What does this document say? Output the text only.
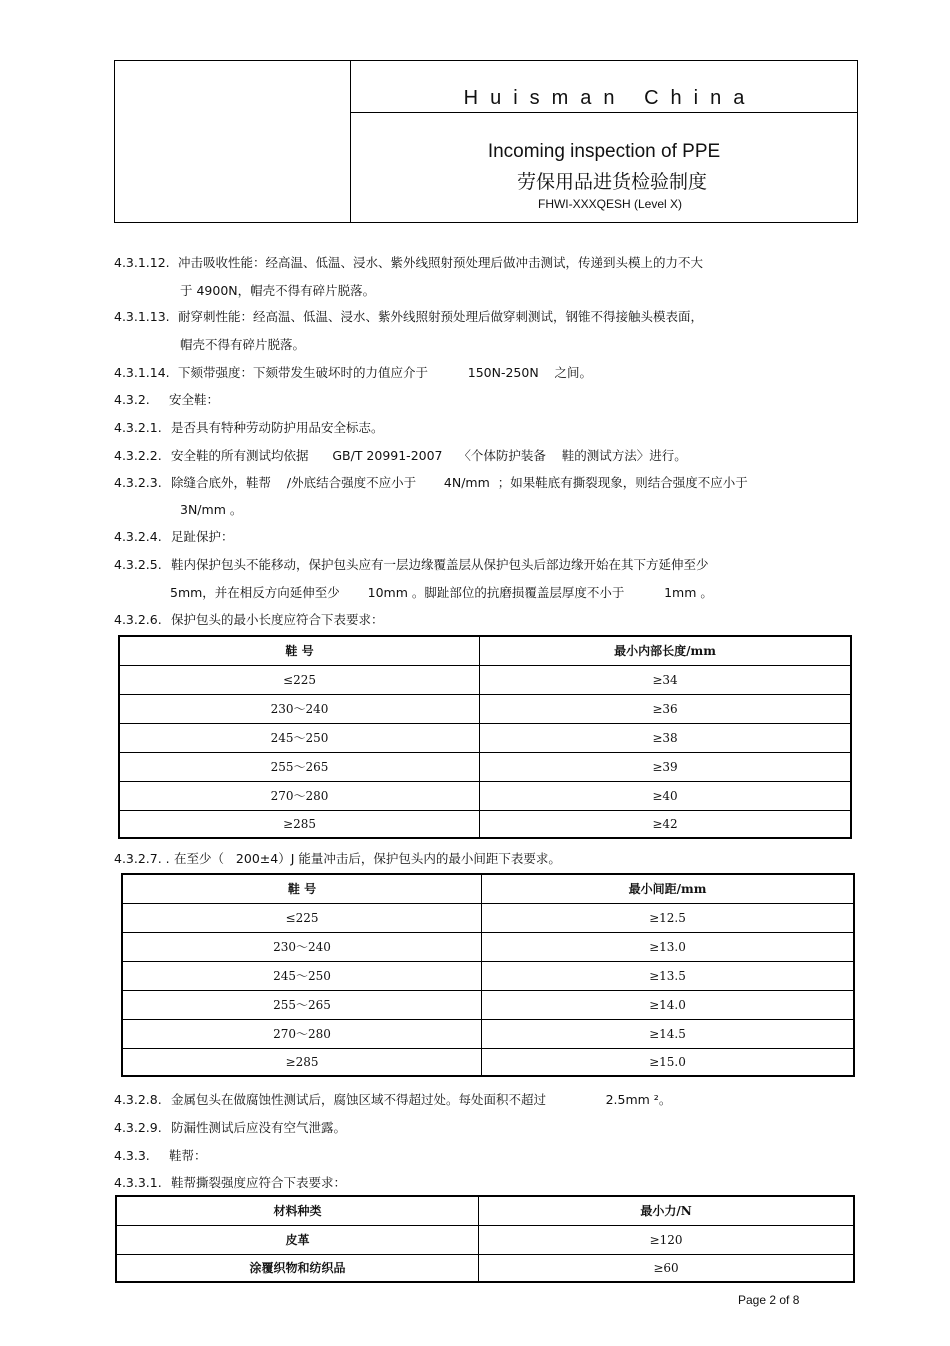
Huisman China
Incoming inspection of PPE
劳保用品进货检验制度
FHWI-XXXQESH (Level X)
4.3.1.12. 冲击吸收性能：经高温、低温、浸水、紫外线照射预处理后做冲击测试，传递到头模上的力不大
于 4900N，帽壳不得有碎片脱落。
4.3.1.13. 耐穿刺性能：经高温、低温、浸水、紫外线照射预处理后做穿刺测试，钢锥不得接触头模表面，
帽壳不得有碎片脱落。
4.3.1.14. 下颏带强度：下颏带发生破坏时的力值应介于          150N-250N    之间。
4.3.2. 安全鞋：
4.3.2.1. 是否具有特种劳动防护用品安全标志。
4.3.2.2. 安全鞋的所有测试均依据      GB/T 20991-2007    〈个体防护装备    鞋的测试方法〉进行。
4.3.2.3. 除缝合底外，鞋帮    /外底结合强度不应小于       4N/mm  ；如果鞋底有撕裂现象，则结合强度不应小于
3N/mm 。
4.3.2.4. 足趾保护：
4.3.2.5. 鞋内保护包头不能移动，保护包头应有一层边缘覆盖层从保护包头后部边缘开始在其下方延伸至少
5mm，并在相反方向延伸至少       10mm 。脚趾部位的抗磨损覆盖层厚度不小于          1mm 。
4.3.2.6. 保护包头的最小长度应符合下表要求：
鞋 号	最小内部长度/mm
≤225	≥34
230～240	≥36
245～250	≥38
255～265	≥39
270～280	≥40
≥285	≥42
4.3.2.7. . 在至少（   200±4）J 能量冲击后，保护包头内的最小间距下表要求。
鞋 号	最小间距/mm
≤225	≥12.5
230～240	≥13.0
245～250	≥13.5
255～265	≥14.0
270～280	≥14.5
≥285	≥15.0
4.3.2.8. 金属包头在做腐蚀性测试后，腐蚀区域不得超过处。每处面积不超过               2.5mm ²。
4.3.2.9. 防漏性测试后应没有空气泄露。
4.3.3. 鞋帮：
4.3.3.1. 鞋帮撕裂强度应符合下表要求：
材料种类	最小力/N
皮革	≥120
涂覆织物和纺织品	≥60
Page 2 of 8
